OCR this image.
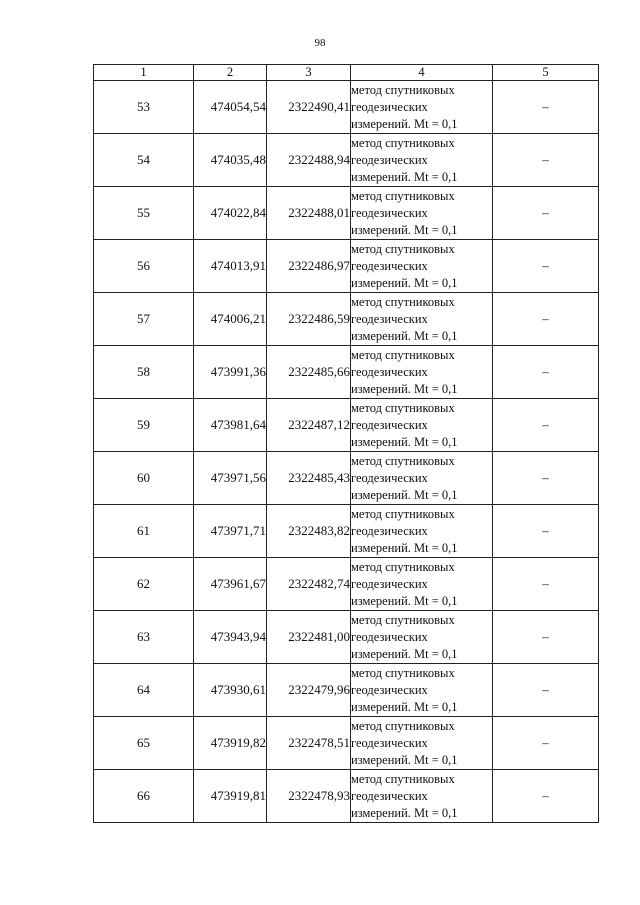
98
1	2	3	4	5
53	474054,54	2322490,41	метод спутниковых
геодезических
измерений. Mt = 0,1	–
54	474035,48	2322488,94	метод спутниковых
геодезических
измерений. Mt = 0,1	–
55	474022,84	2322488,01	метод спутниковых
геодезических
измерений. Mt = 0,1	–
56	474013,91	2322486,97	метод спутниковых
геодезических
измерений. Mt = 0,1	–
57	474006,21	2322486,59	метод спутниковых
геодезических
измерений. Mt = 0,1	–
58	473991,36	2322485,66	метод спутниковых
геодезических
измерений. Mt = 0,1	–
59	473981,64	2322487,12	метод спутниковых
геодезических
измерений. Mt = 0,1	–
60	473971,56	2322485,43	метод спутниковых
геодезических
измерений. Mt = 0,1	–
61	473971,71	2322483,82	метод спутниковых
геодезических
измерений. Mt = 0,1	–
62	473961,67	2322482,74	метод спутниковых
геодезических
измерений. Mt = 0,1	–
63	473943,94	2322481,00	метод спутниковых
геодезических
измерений. Mt = 0,1	–
64	473930,61	2322479,96	метод спутниковых
геодезических
измерений. Mt = 0,1	–
65	473919,82	2322478,51	метод спутниковых
геодезических
измерений. Mt = 0,1	–
66	473919,81	2322478,93	метод спутниковых
геодезических
измерений. Mt = 0,1	–
